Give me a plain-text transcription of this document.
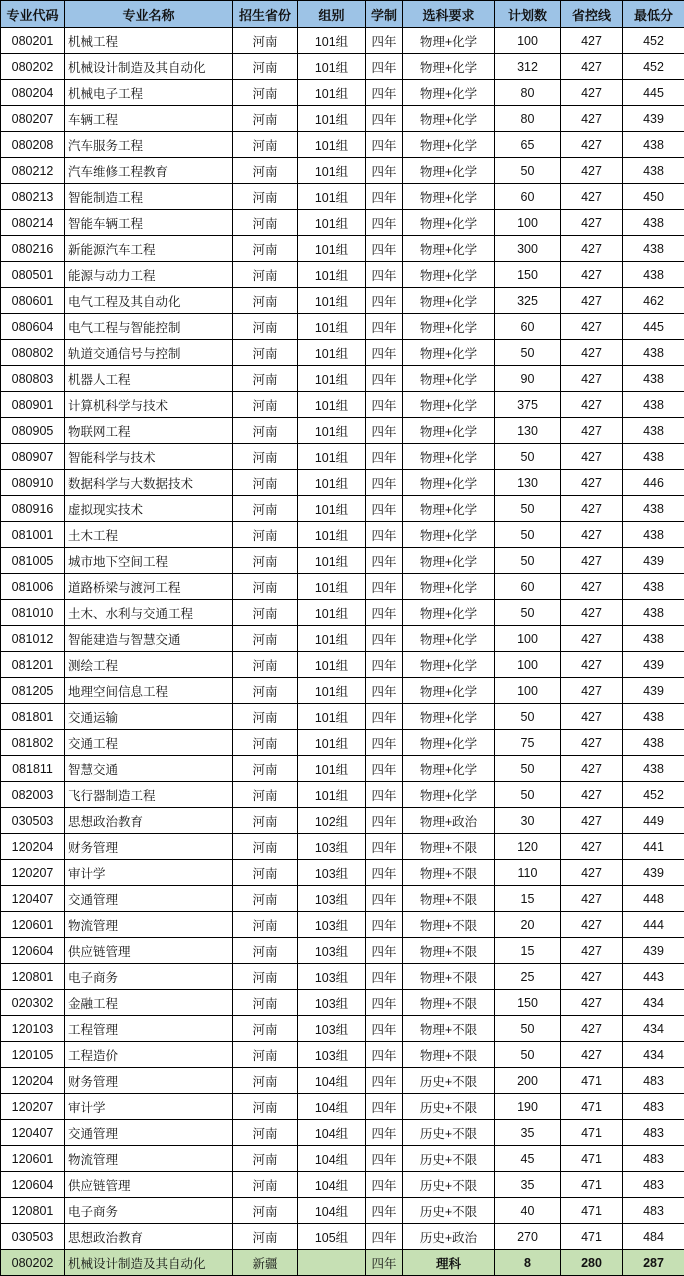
专业代码	专业名称	招生省份	组别	学制	选科要求	计划数	省控线	最低分
080201	机械工程	河南	101组	四年	物理+化学	100	427	452
080202	机械设计制造及其自动化	河南	101组	四年	物理+化学	312	427	452
080204	机械电子工程	河南	101组	四年	物理+化学	80	427	445
080207	车辆工程	河南	101组	四年	物理+化学	80	427	439
080208	汽车服务工程	河南	101组	四年	物理+化学	65	427	438
080212	汽车维修工程教育	河南	101组	四年	物理+化学	50	427	438
080213	智能制造工程	河南	101组	四年	物理+化学	60	427	450
080214	智能车辆工程	河南	101组	四年	物理+化学	100	427	438
080216	新能源汽车工程	河南	101组	四年	物理+化学	300	427	438
080501	能源与动力工程	河南	101组	四年	物理+化学	150	427	438
080601	电气工程及其自动化	河南	101组	四年	物理+化学	325	427	462
080604	电气工程与智能控制	河南	101组	四年	物理+化学	60	427	445
080802	轨道交通信号与控制	河南	101组	四年	物理+化学	50	427	438
080803	机器人工程	河南	101组	四年	物理+化学	90	427	438
080901	计算机科学与技术	河南	101组	四年	物理+化学	375	427	438
080905	物联网工程	河南	101组	四年	物理+化学	130	427	438
080907	智能科学与技术	河南	101组	四年	物理+化学	50	427	438
080910	数据科学与大数据技术	河南	101组	四年	物理+化学	130	427	446
080916	虚拟现实技术	河南	101组	四年	物理+化学	50	427	438
081001	土木工程	河南	101组	四年	物理+化学	50	427	438
081005	城市地下空间工程	河南	101组	四年	物理+化学	50	427	439
081006	道路桥梁与渡河工程	河南	101组	四年	物理+化学	60	427	438
081010	土木、水利与交通工程	河南	101组	四年	物理+化学	50	427	438
081012	智能建造与智慧交通	河南	101组	四年	物理+化学	100	427	438
081201	测绘工程	河南	101组	四年	物理+化学	100	427	439
081205	地理空间信息工程	河南	101组	四年	物理+化学	100	427	439
081801	交通运输	河南	101组	四年	物理+化学	50	427	438
081802	交通工程	河南	101组	四年	物理+化学	75	427	438
081811	智慧交通	河南	101组	四年	物理+化学	50	427	438
082003	飞行器制造工程	河南	101组	四年	物理+化学	50	427	452
030503	思想政治教育	河南	102组	四年	物理+政治	30	427	449
120204	财务管理	河南	103组	四年	物理+不限	120	427	441
120207	审计学	河南	103组	四年	物理+不限	110	427	439
120407	交通管理	河南	103组	四年	物理+不限	15	427	448
120601	物流管理	河南	103组	四年	物理+不限	20	427	444
120604	供应链管理	河南	103组	四年	物理+不限	15	427	439
120801	电子商务	河南	103组	四年	物理+不限	25	427	443
020302	金融工程	河南	103组	四年	物理+不限	150	427	434
120103	工程管理	河南	103组	四年	物理+不限	50	427	434
120105	工程造价	河南	103组	四年	物理+不限	50	427	434
120204	财务管理	河南	104组	四年	历史+不限	200	471	483
120207	审计学	河南	104组	四年	历史+不限	190	471	483
120407	交通管理	河南	104组	四年	历史+不限	35	471	483
120601	物流管理	河南	104组	四年	历史+不限	45	471	483
120604	供应链管理	河南	104组	四年	历史+不限	35	471	483
120801	电子商务	河南	104组	四年	历史+不限	40	471	483
030503	思想政治教育	河南	105组	四年	历史+政治	270	471	484
080202	机械设计制造及其自动化	新疆		四年	理科	8	280	287
